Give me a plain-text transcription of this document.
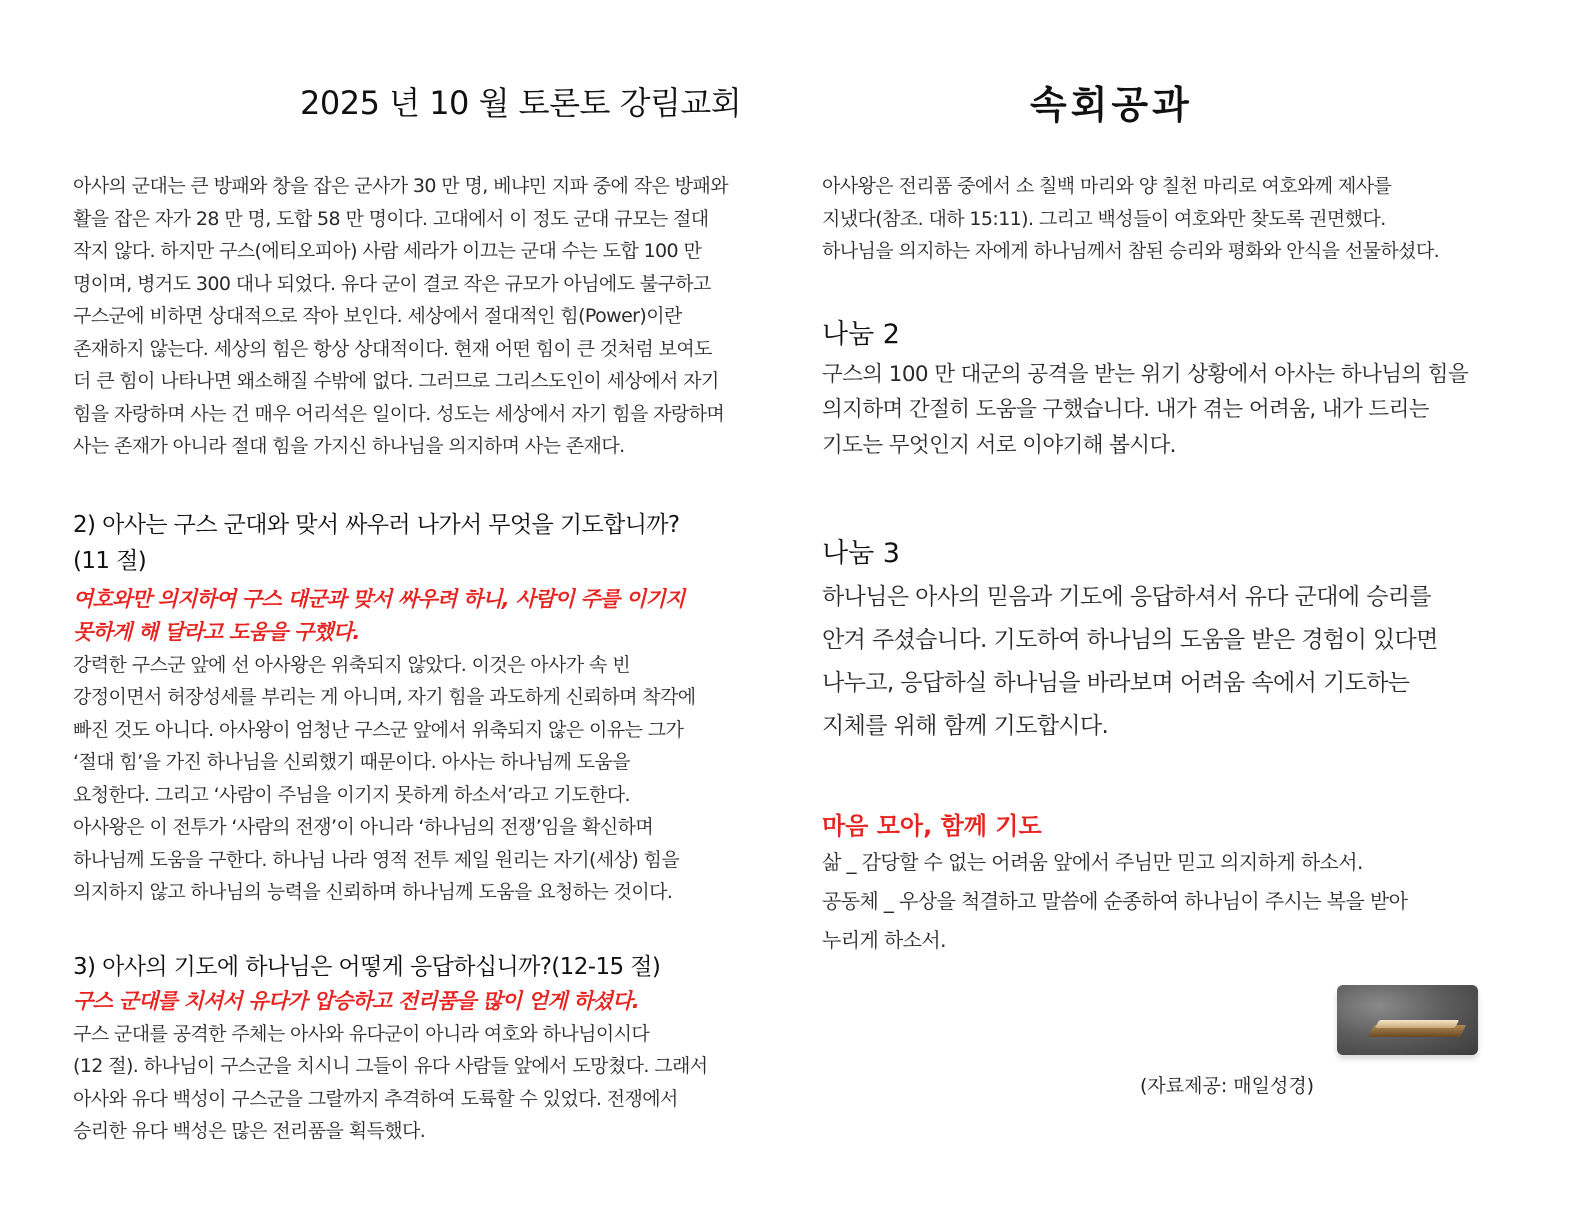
2025 년 10 월 토론토 강림교회	속회공과

아사의 군대는 큰 방패와 창을 잡은 군사가 30 만 명, 베냐민 지파 중에 작은 방패와
활을 잡은 자가 28 만 명, 도합 58 만 명이다. 고대에서 이 정도 군대 규모는 절대
작지 않다. 하지만 구스(에티오피아) 사람 세라가 이끄는 군대 수는 도합 100 만
명이며, 병거도 300 대나 되었다. 유다 군이 결코 작은 규모가 아님에도 불구하고
구스군에 비하면 상대적으로 작아 보인다. 세상에서 절대적인 힘(Power)이란
존재하지 않는다. 세상의 힘은 항상 상대적이다. 현재 어떤 힘이 큰 것처럼 보여도
더 큰 힘이 나타나면 왜소해질 수밖에 없다. 그러므로 그리스도인이 세상에서 자기
힘을 자랑하며 사는 건 매우 어리석은 일이다. 성도는 세상에서 자기 힘을 자랑하며
사는 존재가 아니라 절대 힘을 가지신 하나님을 의지하며 사는 존재다.

2) 아사는 구스 군대와 맞서 싸우러 나가서 무엇을 기도합니까?
(11 절)

여호와만 의지하여 구스 대군과 맞서 싸우려 하니, 사람이 주를 이기지
못하게 해 달라고 도움을 구했다.

강력한 구스군 앞에 선 아사왕은 위축되지 않았다. 이것은 아사가 속 빈
강정이면서 허장성세를 부리는 게 아니며, 자기 힘을 과도하게 신뢰하며 착각에
빠진 것도 아니다. 아사왕이 엄청난 구스군 앞에서 위축되지 않은 이유는 그가
‘절대 힘’을 가진 하나님을 신뢰했기 때문이다. 아사는 하나님께 도움을
요청한다. 그리고 ‘사람이 주님을 이기지 못하게 하소서’라고 기도한다.
아사왕은 이 전투가 ‘사람의 전쟁’이 아니라 ‘하나님의 전쟁’임을 확신하며
하나님께 도움을 구한다. 하나님 나라 영적 전투 제일 원리는 자기(세상) 힘을
의지하지 않고 하나님의 능력을 신뢰하며 하나님께 도움을 요청하는 것이다.

3) 아사의 기도에 하나님은 어떻게 응답하십니까?(12-15 절)

구스 군대를 치셔서 유다가 압승하고 전리품을 많이 얻게 하셨다.

구스 군대를 공격한 주체는 아사와 유다군이 아니라 여호와 하나님이시다
(12 절). 하나님이 구스군을 치시니 그들이 유다 사람들 앞에서 도망쳤다. 그래서
아사와 유다 백성이 구스군을 그랄까지 추격하여 도륙할 수 있었다. 전쟁에서
승리한 유다 백성은 많은 전리품을 획득했다.

아사왕은 전리품 중에서 소 칠백 마리와 양 칠천 마리로 여호와께 제사를
지냈다(참조. 대하 15:11). 그리고 백성들이 여호와만 찾도록 권면했다.
하나님을 의지하는 자에게 하나님께서 참된 승리와 평화와 안식을 선물하셨다.

나눔 2

구스의 100 만 대군의 공격을 받는 위기 상황에서 아사는 하나님의 힘을
의지하며 간절히 도움을 구했습니다. 내가 겪는 어려움, 내가 드리는
기도는 무엇인지 서로 이야기해 봅시다.

나눔 3

하나님은 아사의 믿음과 기도에 응답하셔서 유다 군대에 승리를
안겨 주셨습니다. 기도하여 하나님의 도움을 받은 경험이 있다면
나누고, 응답하실 하나님을 바라보며 어려움 속에서 기도하는
지체를 위해 함께 기도합시다.

마음 모아, 함께 기도

삶 _ 감당할 수 없는 어려움 앞에서 주님만 믿고 의지하게 하소서.
공동체 _ 우상을 척결하고 말씀에 순종하여 하나님이 주시는 복을 받아
누리게 하소서.

(자료제공: 매일성경)
